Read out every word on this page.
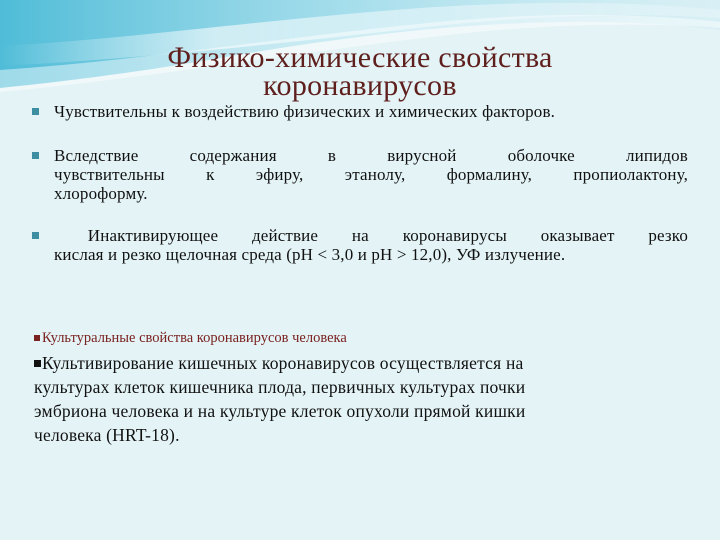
Физико-химические свойства
коронавирусов
Чувствительны к воздействию физических и химических факторов.
Вследствие содержания в вирусной оболочке липидов
чувствительны к эфиру, этанолу, формалину, пропиолактону,
хлороформу.
Инактивирующее действие на коронавирусы оказывает резко
кислая и резко щелочная среда (рН < 3,0 и рН > 12,0), УФ излучение.
Культуральные свойства коронавирусов человека
Культивирование кишечных коронавирусов осуществляется на
культурах клеток кишечника плода, первичных культурах почки
эмбриона человека и на культуре клеток опухоли прямой кишки
человека (HRT-18).
